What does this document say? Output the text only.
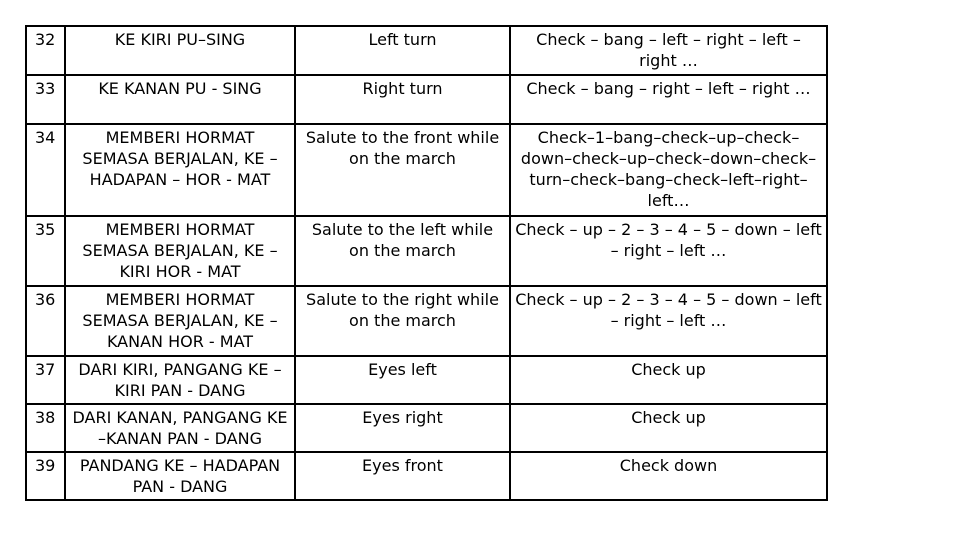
32	KE KIRI PU–SING	Left turn	Check – bang – left – right – left – right …
33	KE KANAN PU - SING	Right turn	Check – bang – right – left – right …
34	MEMBERI HORMAT SEMASA BERJALAN, KE – HADAPAN – HOR - MAT	Salute to the front while on the march	Check–1–bang–check–up–check–down–check–up–check–down–check–turn–check–bang–check–left–right–left…
35	MEMBERI HORMAT SEMASA BERJALAN, KE – KIRI HOR - MAT	Salute to the left while on the march	Check – up – 2 – 3 – 4 – 5 – down – left – right – left …
36	MEMBERI HORMAT SEMASA BERJALAN, KE – KANAN HOR - MAT	Salute to the right while on the march	Check – up – 2 – 3 – 4 – 5 – down – left – right – left …
37	DARI KIRI, PANGANG KE – KIRI PAN - DANG	Eyes left	Check up
38	DARI KANAN, PANGANG KE –KANAN PAN - DANG	Eyes right	Check up
39	PANDANG KE – HADAPAN PAN - DANG	Eyes front	Check down
